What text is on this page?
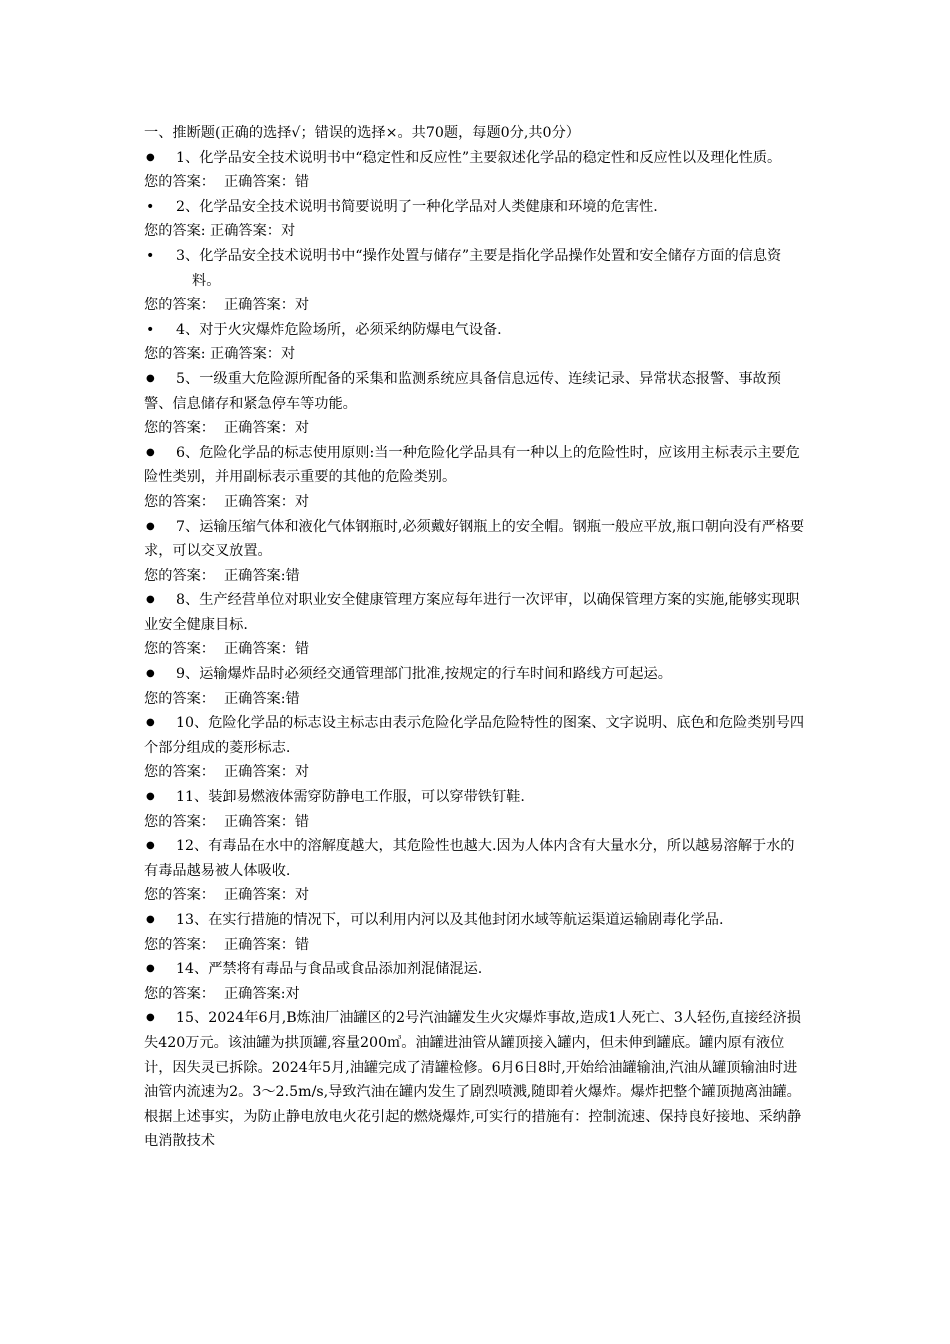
一、推断题(正确的选择√；错误的选择×。共70题，每题0分,共0分）

●	1、化学品安全技术说明书中“稳定性和反应性”主要叙述化学品的稳定性和反应性以及理化性质。

您的答案：  正确答案：错

•	2、化学品安全技术说明书简要说明了一种化学品对人类健康和环境的危害性.

您的答案: 正确答案：对

•	3、化学品安全技术说明书中“操作处置与储存”主要是指化学品操作处置和安全储存方面的信息资料。

您的答案：  正确答案：对

•	4、对于火灾爆炸危险场所，必须采纳防爆电气设备.

您的答案: 正确答案：对

●	5、一级重大危险源所配备的采集和监测系统应具备信息远传、连续记录、异常状态报警、事故预警、信息储存和紧急停车等功能。

您的答案：  正确答案：对

●	6、危险化学品的标志使用原则:当一种危险化学品具有一种以上的危险性时，应该用主标表示主要危险性类别，并用副标表示重要的其他的危险类别。

您的答案：  正确答案：对

●	7、运输压缩气体和液化气体钢瓶时,必须戴好钢瓶上的安全帽。钢瓶一般应平放,瓶口朝向没有严格要求，可以交叉放置。

您的答案：  正确答案:错

●	8、生产经营单位对职业安全健康管理方案应每年进行一次评审，以确保管理方案的实施,能够实现职业安全健康目标.

您的答案：  正确答案：错

●	9、运输爆炸品时必须经交通管理部门批准,按规定的行车时间和路线方可起运。

您的答案：  正确答案:错

●	10、危险化学品的标志设主标志由表示危险化学品危险特性的图案、文字说明、底色和危险类别号四个部分组成的菱形标志.

您的答案：  正确答案：对

●	11、装卸易燃液体需穿防静电工作服，可以穿带铁钉鞋.

您的答案：  正确答案：错

●	12、有毒品在水中的溶解度越大，其危险性也越大.因为人体内含有大量水分，所以越易溶解于水的有毒品越易被人体吸收.

您的答案：  正确答案：对

●	13、在实行措施的情况下，可以利用内河以及其他封闭水域等航运渠道运输剧毒化学品.

您的答案：  正确答案：错

●	14、严禁将有毒品与食品或食品添加剂混储混运.

您的答案：  正确答案:对

●	15、2024年6月,B炼油厂油罐区的2号汽油罐发生火灾爆炸事故,造成1人死亡、3人轻伤,直接经济损失420万元。该油罐为拱顶罐,容量200㎥。油罐进油管从罐顶接入罐内，但未伸到罐底。罐内原有液位计，因失灵已拆除。2024年5月,油罐完成了清罐检修。6月6日8时,开始给油罐输油,汽油从罐顶输油时进油管内流速为2。3～2.5m/s,导致汽油在罐内发生了剧烈喷溅,随即着火爆炸。爆炸把整个罐顶抛离油罐。 根据上述事实，为防止静电放电火花引起的燃烧爆炸,可实行的措施有：控制流速、保持良好接地、采纳静电消散技术
